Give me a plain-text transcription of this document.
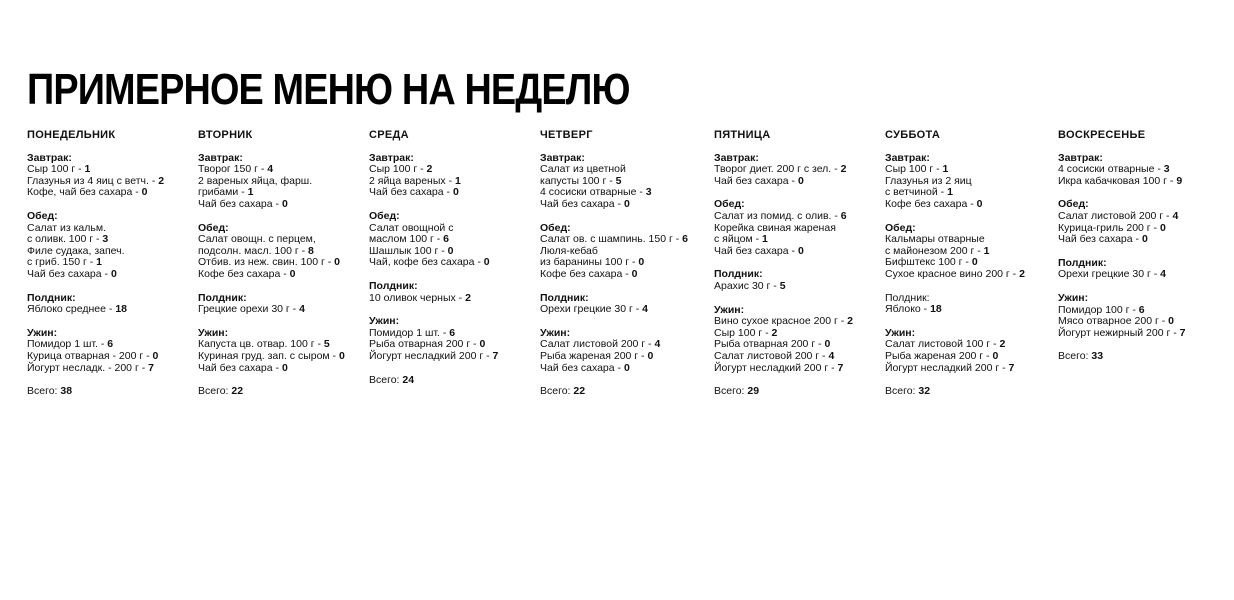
ПРИМЕРНОЕ МЕНЮ НА НЕДЕЛЮ
ПОНЕДЕЛЬНИК
Завтрак:
Сыр 100 г - 1
Глазунья из 4 яиц с ветч. - 2
Кофе, чай без сахара - 0
Обед:
Салат из кальм.
с оливк. 100 г - 3
Филе судака, запеч.
с гриб. 150 г - 1
Чай без сахара - 0
Полдник:
Яблоко среднее - 18
Ужин:
Помидор 1 шт. - 6
Курица отварная - 200 г - 0
Йогурт несладк. - 200 г - 7
Всего: 38
ВТОРНИК
Завтрак:
Творог 150 г - 4
2 вареных яйца, фарш.
грибами - 1
Чай без сахара - 0
Обед:
Салат овощн. с перцем,
подсолн. масл. 100 г - 8
Отбив. из неж. свин. 100 г - 0
Кофе без сахара - 0
Полдник:
Грецкие орехи 30 г - 4
Ужин:
Капуста цв. отвар. 100 г - 5
Куриная груд. зап. с сыром - 0
Чай без сахара - 0
Всего: 22
СРЕДА
Завтрак:
Сыр 100 г - 2
2 яйца вареных - 1
Чай без сахара - 0
Обед:
Салат овощной с
маслом 100 г - 6
Шашлык 100 г - 0
Чай, кофе без сахара - 0
Полдник:
10 оливок черных - 2
Ужин:
Помидор 1 шт. - 6
Рыба отварная 200 г - 0
Йогурт несладкий 200 г - 7
Всего: 24
ЧЕТВЕРГ
Завтрак:
Салат из цветной
капусты 100 г - 5
4 сосиски отварные - 3
Чай без сахара - 0
Обед:
Салат ов. с шампинь. 150 г - 6
Люля-кебаб
из баранины 100 г - 0
Кофе без сахара - 0
Полдник:
Орехи грецкие 30 г - 4
Ужин:
Салат листовой 200 г - 4
Рыба жареная 200 г - 0
Чай без сахара - 0
Всего: 22
ПЯТНИЦА
Завтрак:
Творог диет. 200 г с зел. - 2
Чай без сахара - 0
Обед:
Салат из помид. с олив. - 6
Корейка свиная жареная
с яйцом - 1
Чай без сахара - 0
Полдник:
Арахис 30 г - 5
Ужин:
Вино сухое красное 200 г - 2
Сыр 100 г - 2
Рыба отварная 200 г - 0
Салат листовой 200 г - 4
Йогурт несладкий 200 г - 7
Всего: 29
СУББОТА
Завтрак:
Сыр 100 г - 1
Глазунья из 2 яиц
с ветчиной - 1
Кофе без сахара - 0
Обед:
Кальмары отварные
с майонезом 200 г - 1
Бифштекс 100 г - 0
Сухое красное вино 200 г - 2
Полдник:
Яблоко - 18
Ужин:
Салат листовой 100 г - 2
Рыба жареная 200 г - 0
Йогурт несладкий 200 г - 7
Всего: 32
ВОСКРЕСЕНЬЕ
Завтрак:
4 сосиски отварные - 3
Икра кабачковая 100 г - 9
Обед:
Салат листовой 200 г - 4
Курица-гриль 200 г - 0
Чай без сахара - 0
Полдник:
Орехи грецкие 30 г - 4
Ужин:
Помидор 100 г - 6
Мясо отварное 200 г - 0
Йогурт нежирный 200 г - 7
Всего: 33
